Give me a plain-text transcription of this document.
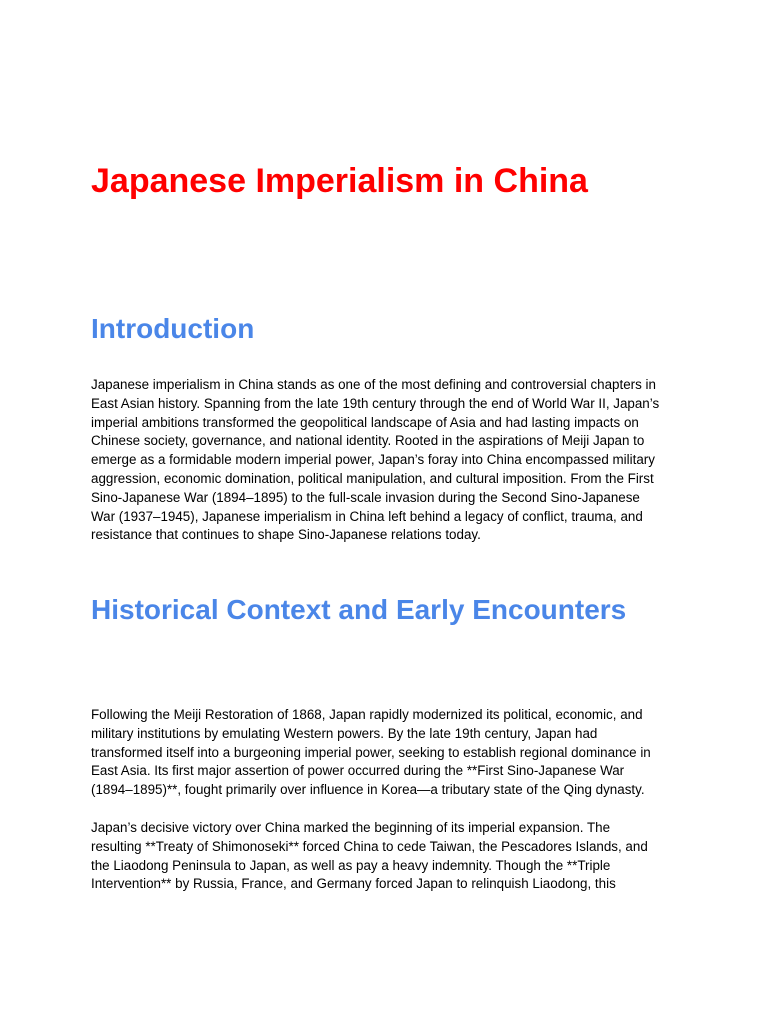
Japanese Imperialism in China
Introduction

Japanese imperialism in China stands as one of the most defining and controversial chapters in
East Asian history. Spanning from the late 19th century through the end of World War II, Japan’s
imperial ambitions transformed the geopolitical landscape of Asia and had lasting impacts on
Chinese society, governance, and national identity. Rooted in the aspirations of Meiji Japan to
emerge as a formidable modern imperial power, Japan’s foray into China encompassed military
aggression, economic domination, political manipulation, and cultural imposition. From the First
Sino-Japanese War (1894–1895) to the full-scale invasion during the Second Sino-Japanese
War (1937–1945), Japanese imperialism in China left behind a legacy of conflict, trauma, and
resistance that continues to shape Sino-Japanese relations today.

Historical Context and Early Encounters

Following the Meiji Restoration of 1868, Japan rapidly modernized its political, economic, and
military institutions by emulating Western powers. By the late 19th century, Japan had
transformed itself into a burgeoning imperial power, seeking to establish regional dominance in
East Asia. Its first major assertion of power occurred during the **First Sino-Japanese War
(1894–1895)**, fought primarily over influence in Korea—a tributary state of the Qing dynasty.

Japan’s decisive victory over China marked the beginning of its imperial expansion. The
resulting **Treaty of Shimonoseki** forced China to cede Taiwan, the Pescadores Islands, and
the Liaodong Peninsula to Japan, as well as pay a heavy indemnity. Though the **Triple
Intervention** by Russia, France, and Germany forced Japan to relinquish Liaodong, this
